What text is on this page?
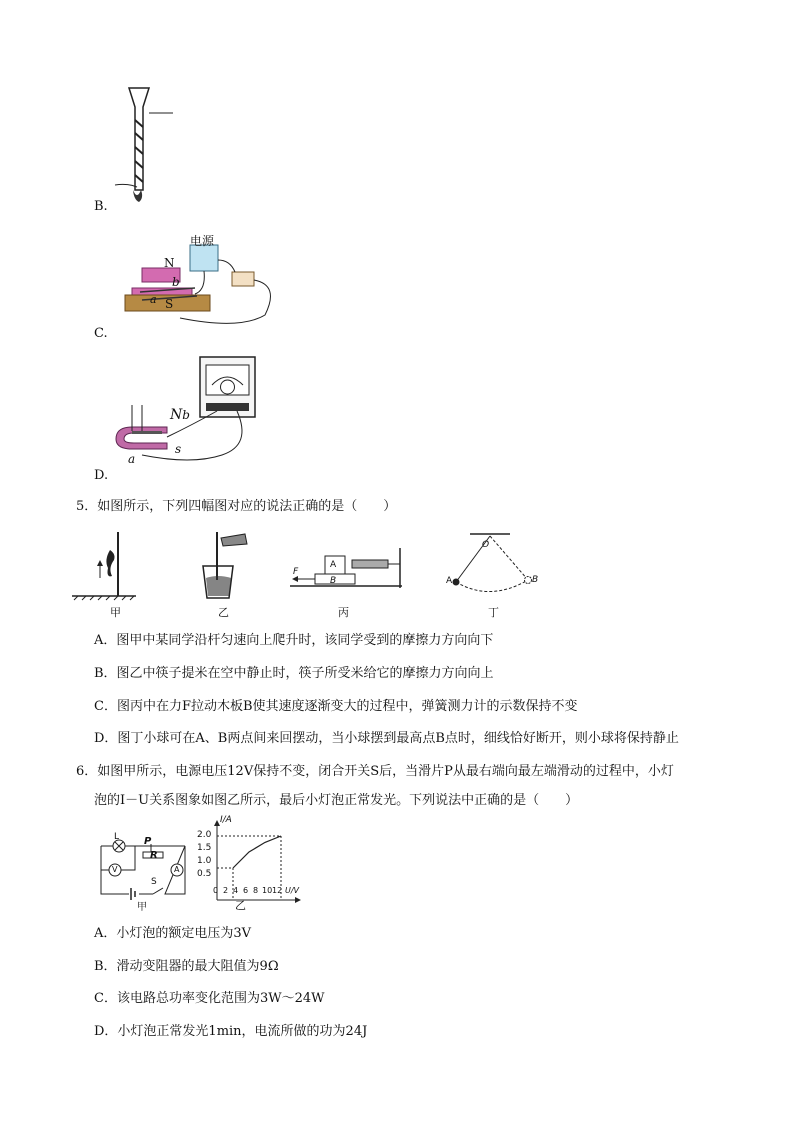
B.
电源
N
b
S
a
C.
Nb
a
s
D.
5．如图所示，下列四幅图对应的说法正确的是（　　）
甲	乙
F
A
B
丙
O
A	B
丁
A．图甲中某同学沿杆匀速向上爬升时，该同学受到的摩擦力方向向下
B．图乙中筷子提米在空中静止时，筷子所受米给它的摩擦力方向向上
C．图丙中在力F拉动木板B使其速度逐渐变大的过程中，弹簧测力计的示数保持不变
D．图丁小球可在A、B两点间来回摆动，当小球摆到最高点B点时，细线恰好断开，则小球将保持静止
6．如图甲所示，电源电压12V保持不变，闭合开关S后，当滑片P从最右端向最左端滑动的过程中，小灯
泡的I－U关系图象如图乙所示，最后小灯泡正常发光。下列说法中正确的是（　　）
L P
R
V	A
S
甲
I/A
2.0
1.5
1.0
0.5
0 2 4 6 8 10 12 U/V
乙
A．小灯泡的额定电压为3V
B．滑动变阻器的最大阻值为9Ω
C．该电路总功率变化范围为3W～24W
D．小灯泡正常发光1min，电流所做的功为24J
